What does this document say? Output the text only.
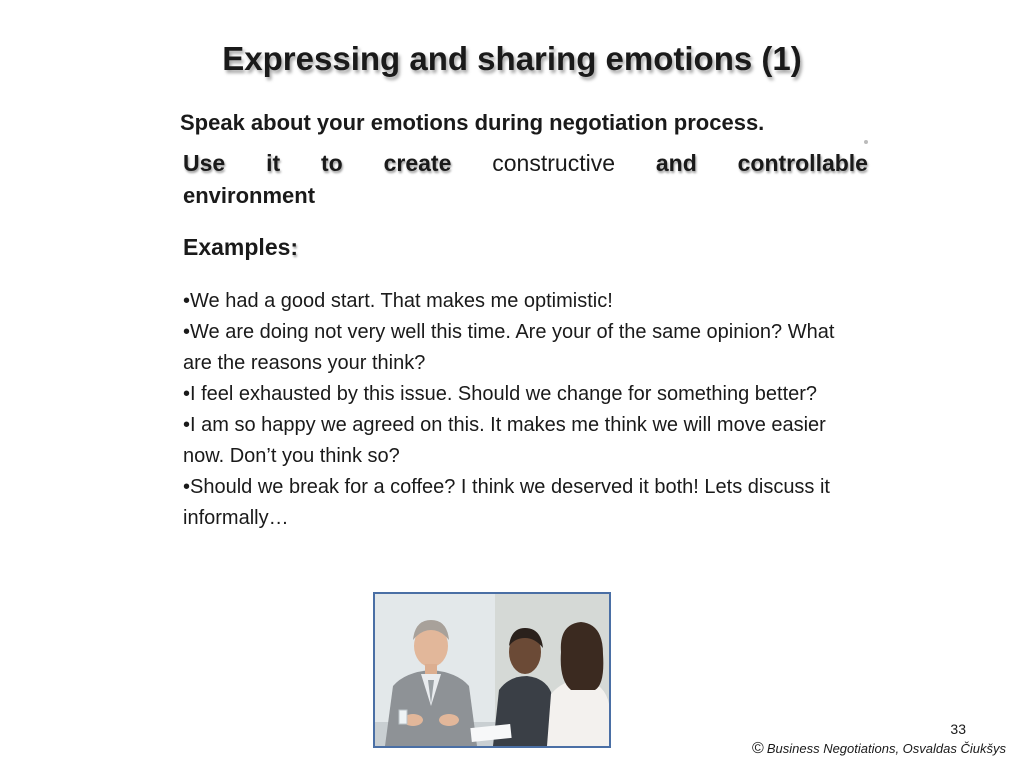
Expressing and sharing emotions (1)
Speak about your emotions during negotiation process.
Use it to create constructive and controllable
environment
Examples:
•We had a good start. That makes me optimistic!
•We are doing not very well this time. Are your of the same opinion? What are the reasons your think?
•I feel exhausted by this issue. Should we change for something better?
•I am so happy we agreed on this. It makes me think we will move easier now. Don’t you think so?
•Should we break for a coffee? I think we deserved it both! Lets discuss it informally…
33
© Business Negotiations, Osvaldas Čiukšys
